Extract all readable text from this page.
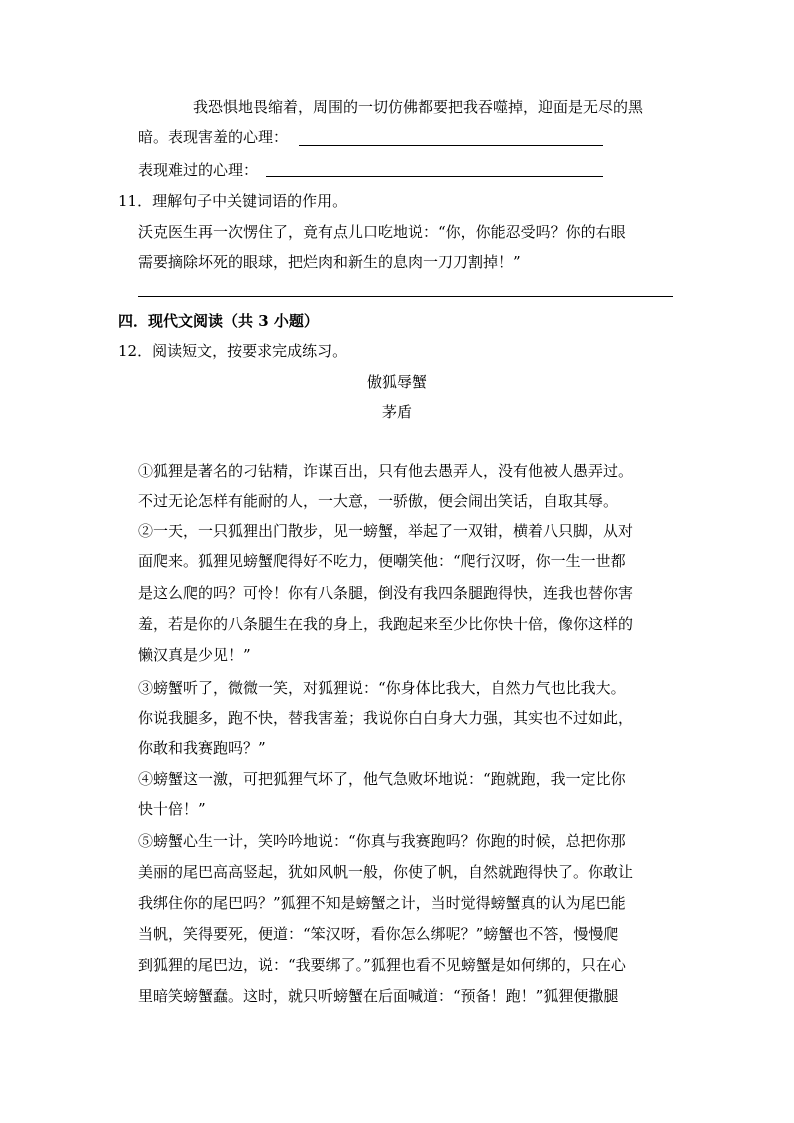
我恐惧地畏缩着，周围的一切仿佛都要把我吞噬掉，迎面是无尽的黑
暗。表现害羞的心理：
表现难过的心理：
11．理解句子中关键词语的作用。
沃克医生再一次愣住了，竟有点儿口吃地说：“你，你能忍受吗？你的右眼
需要摘除坏死的眼球，把烂肉和新生的息肉一刀刀割掉！”
四．现代文阅读（共 3 小题）
12．阅读短文，按要求完成练习。
傲狐辱蟹
茅盾
①狐狸是著名的刁钻精，诈谋百出，只有他去愚弄人，没有他被人愚弄过。
不过无论怎样有能耐的人，一大意，一骄傲，便会闹出笑话，自取其辱。
②一天，一只狐狸出门散步，见一螃蟹，举起了一双钳，横着八只脚，从对
面爬来。狐狸见螃蟹爬得好不吃力，便嘲笑他：“爬行汉呀，你一生一世都
是这么爬的吗？可怜！你有八条腿，倒没有我四条腿跑得快，连我也替你害
羞，若是你的八条腿生在我的身上，我跑起来至少比你快十倍，像你这样的
懒汉真是少见！”
③螃蟹听了，微微一笑，对狐狸说：“你身体比我大，自然力气也比我大。
你说我腿多，跑不快，替我害羞；我说你白白身大力强，其实也不过如此，
你敢和我赛跑吗？”
④螃蟹这一激，可把狐狸气坏了，他气急败坏地说：“跑就跑，我一定比你
快十倍！”
⑤螃蟹心生一计，笑吟吟地说：“你真与我赛跑吗？你跑的时候，总把你那
美丽的尾巴高高竖起，犹如风帆一般，你使了帆，自然就跑得快了。你敢让
我绑住你的尾巴吗？”狐狸不知是螃蟹之计，当时觉得螃蟹真的认为尾巴能
当帆，笑得要死，便道：“笨汉呀，看你怎么绑呢？”螃蟹也不答，慢慢爬
到狐狸的尾巴边，说：“我要绑了。”狐狸也看不见螃蟹是如何绑的，只在心
里暗笑螃蟹蠢。这时，就只听螃蟹在后面喊道：“预备！跑！”狐狸便撒腿
